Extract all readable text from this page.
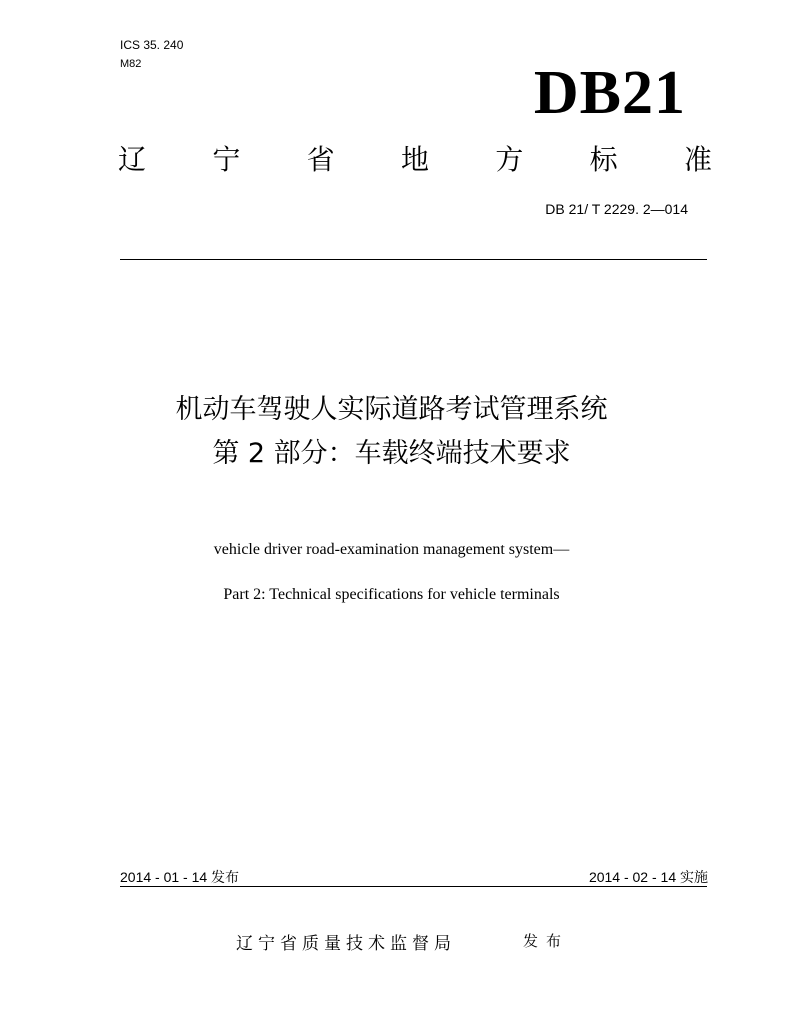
ICS 35. 240
M82	DB21
辽 宁 省 地 方 标 准
DB 21/ T 2229. 2—014
机动车驾驶人实际道路考试管理系统
第 2 部分：车载终端技术要求
vehicle driver road-examination management system—
Part 2: Technical specifications for vehicle terminals
2014 - 01 - 14 发布	2014 - 02 - 14 实施
辽宁省质量技术监督局	发布
